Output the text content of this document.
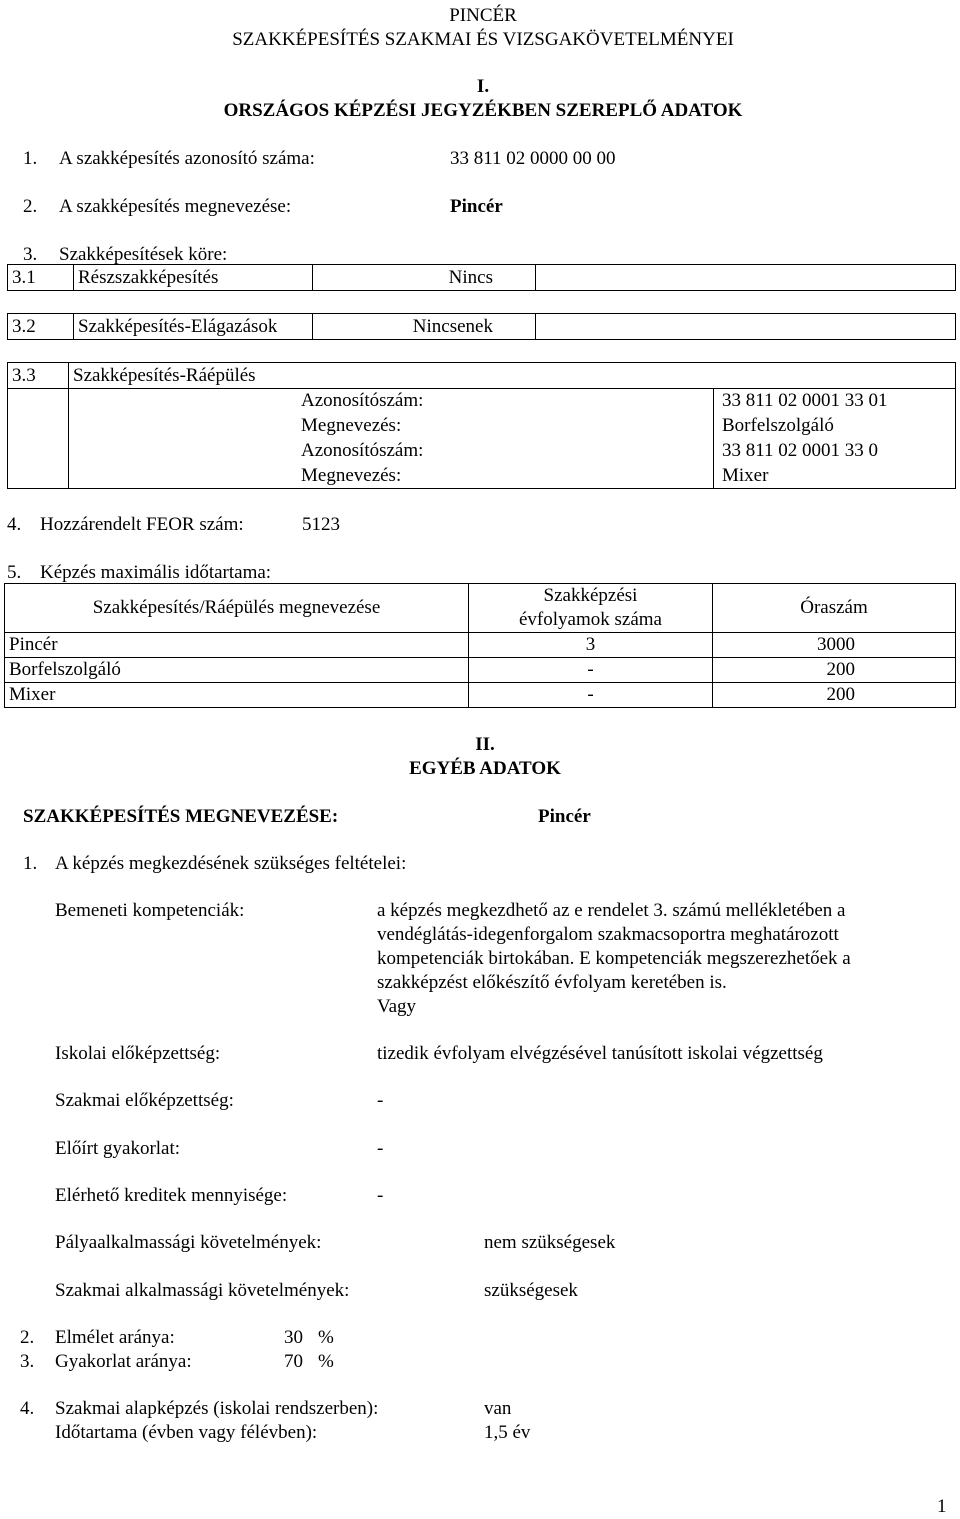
PINCÉR
SZAKKÉPESÍTÉS SZAKMAI ÉS VIZSGAKÖVETELMÉNYEI
I.
ORSZÁGOS KÉPZÉSI JEGYZÉKBEN SZEREPLŐ ADATOK
1. A szakképesítés azonosító száma:	33 811 02 0000 00 00
2. A szakképesítés megnevezése:	Pincér
3. Szakképesítések köre:
3.1	Részszakképesítés	Nincs	
3.2	Szakképesítés-Elágazások	Nincsenek	
3.3	Szakképesítés-Ráépülés		
	Azonosítószám:		33 811 02 0001 33 01
	Megnevezés:		Borfelszolgáló
	Azonosítószám:		33 811 02 0001 33 0
	Megnevezés:		Mixer
4. Hozzárendelt FEOR szám:	5123
5. Képzés maximális időtartama:
Szakképesítés/Ráépülés megnevezése	Szakképzési évfolyamok száma	Óraszám
Pincér	3	3000
Borfelszolgáló	-	200
Mixer	-	200
II.
EGYÉB ADATOK
SZAKKÉPESÍTÉS MEGNEVEZÉSE:	Pincér
1. A képzés megkezdésének szükséges feltételei:
Bemeneti kompetenciák:	a képzés megkezdhető az e rendelet 3. számú mellékletében a
vendéglátás-idegenforgalom szakmacsoportra meghatározott
kompetenciák birtokában. E kompetenciák megszerezhetőek a
szakképzést előkészítő évfolyam keretében is.
Vagy
Iskolai előképzettség:	tizedik évfolyam elvégzésével tanúsított iskolai végzettség
Szakmai előképzettség:	-
Előírt gyakorlat:	-
Elérhető kreditek mennyisége:	-
Pályaalkalmassági követelmények:	nem szükségesek
Szakmai alkalmassági követelmények:	szükségesek
2. Elmélet aránya:	30 %
3. Gyakorlat aránya:	70 %
4. Szakmai alapképzés (iskolai rendszerben):	van
Időtartama (évben vagy félévben):	1,5 év
1
